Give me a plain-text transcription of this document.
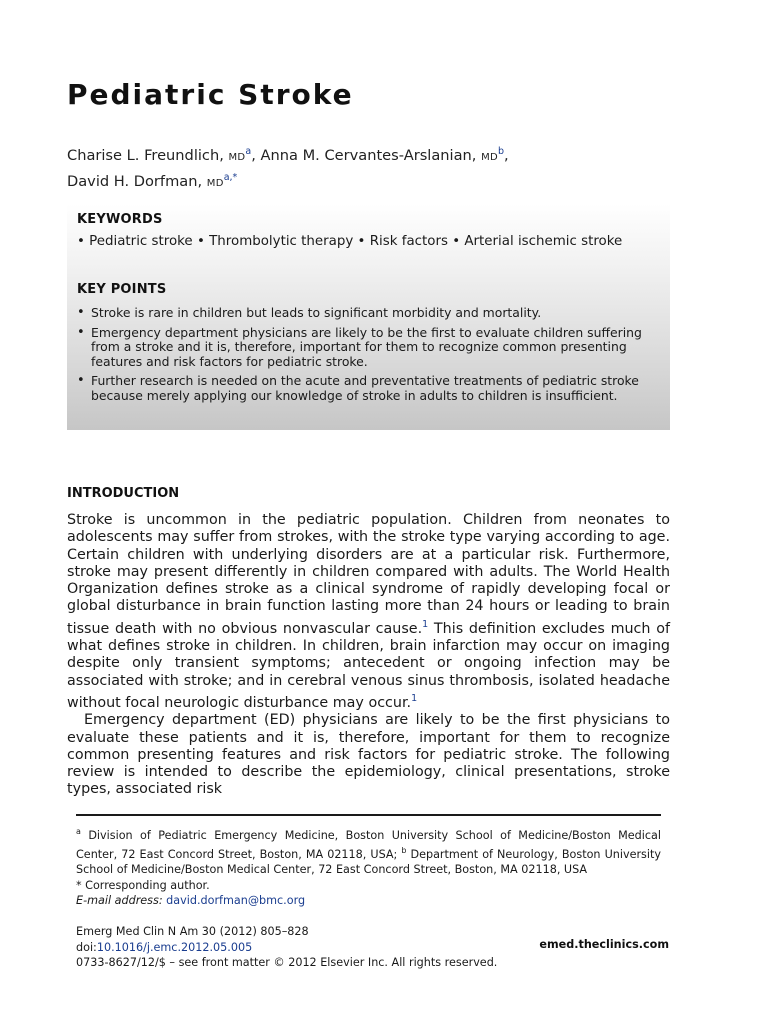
Pediatric Stroke
Charise L. Freundlich, MD$^a$, Anna M. Cervantes-Arslanian, MD$^b$,
David H. Dorfman, MD$^{a,*}$
KEYWORDS
• Pediatric stroke • Thrombolytic therapy • Risk factors • Arterial ischemic stroke
KEY POINTS
• Stroke is rare in children but leads to significant morbidity and mortality.
• Emergency department physicians are likely to be the first to evaluate children suffering from a stroke and it is, therefore, important for them to recognize common presenting features and risk factors for pediatric stroke.
• Further research is needed on the acute and preventative treatments of pediatric stroke because merely applying our knowledge of stroke in adults to children is insufficient.
INTRODUCTION

Stroke is uncommon in the pediatric population. Children from neonates to adolescents may suffer from strokes, with the stroke type varying according to age. Certain children with underlying disorders are at a particular risk. Furthermore, stroke may present differently in children compared with adults. The World Health Organization defines stroke as a clinical syndrome of rapidly developing focal or global disturbance in brain function lasting more than 24 hours or leading to brain tissue death with no obvious nonvascular cause.$^1$ This definition excludes much of what defines stroke in children. In children, brain infarction may occur on imaging despite only transient symptoms; antecedent or ongoing infection may be associated with stroke; and in cerebral venous sinus thrombosis, isolated headache without focal neurologic disturbance may occur.$^1$

Emergency department (ED) physicians are likely to be the first physicians to evaluate these patients and it is, therefore, important for them to recognize common presenting features and risk factors for pediatric stroke. The following review is intended to describe the epidemiology, clinical presentations, stroke types, associated risk

$^a$ Division of Pediatric Emergency Medicine, Boston University School of Medicine/Boston Medical Center, 72 East Concord Street, Boston, MA 02118, USA; $^b$ Department of Neurology, Boston University School of Medicine/Boston Medical Center, 72 East Concord Street, Boston, MA 02118, USA
* Corresponding author.
E-mail address: david.dorfman@bmc.org
Emerg Med Clin N Am 30 (2012) 805–828
doi:10.1016/j.emc.2012.05.005
0733-8627/12/$ – see front matter © 2012 Elsevier Inc. All rights reserved.
emed.theclinics.com
